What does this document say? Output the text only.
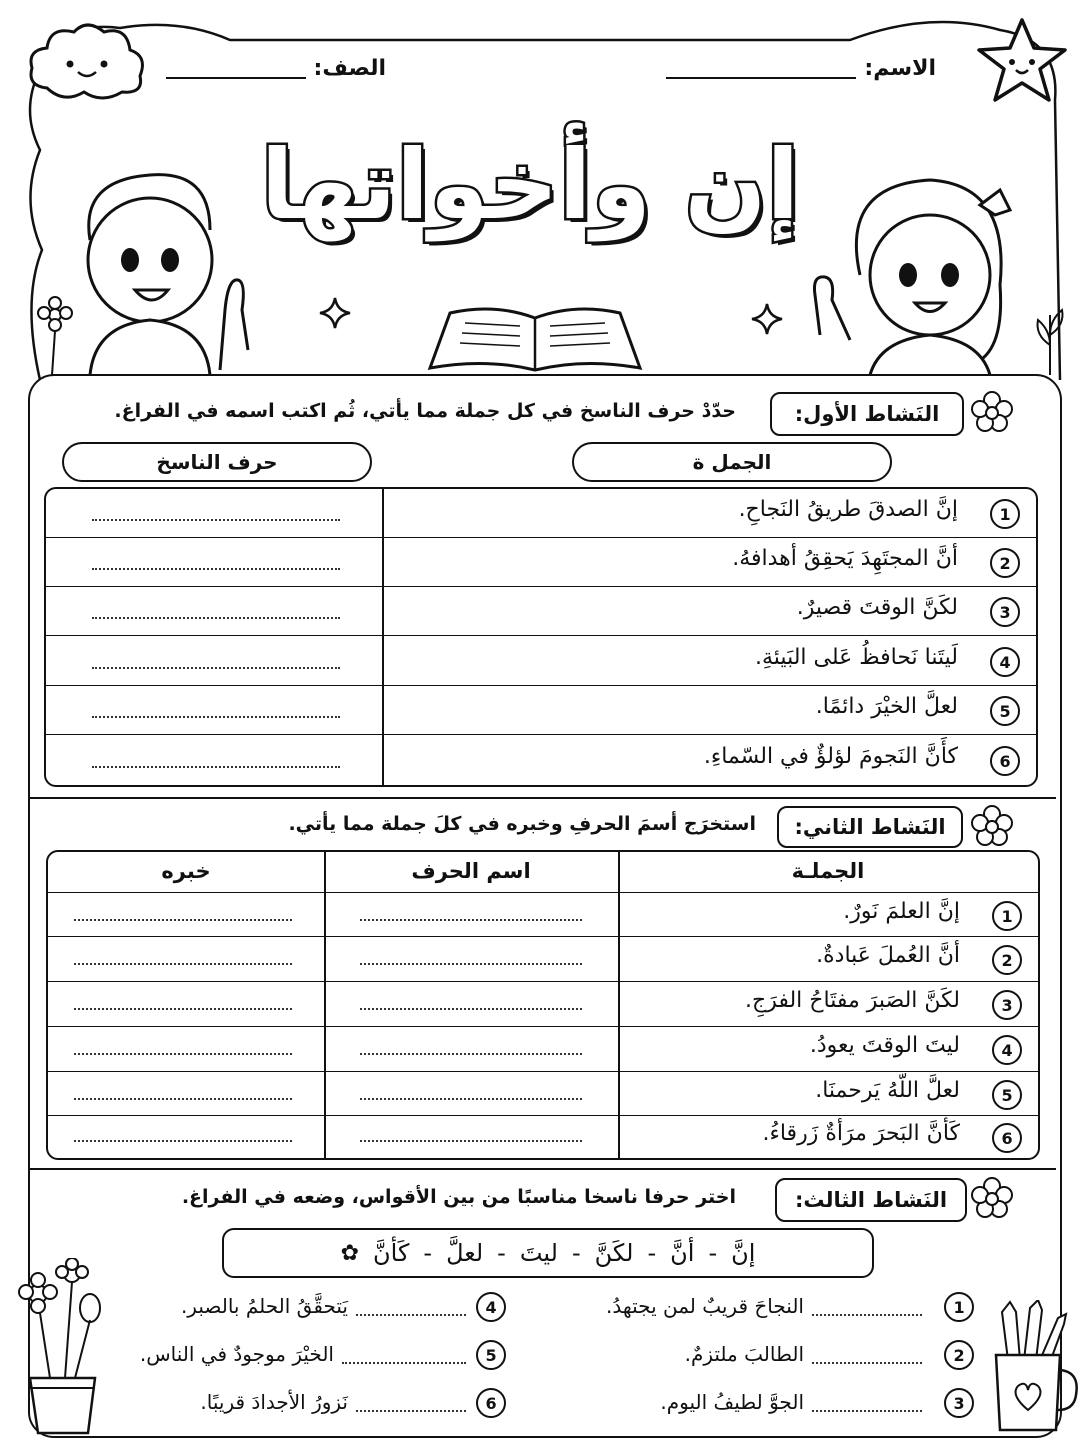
الاسم:
الصف:
إن وأخواتها
النَشاط الأول:
حدّدْ حرف الناسخ في كل جملة مما يأتي، ثُم اكتب اسمه في الفراغ.
الجمل ة
حرف الناسخ
1
إنَّ الصدقَ طريقُ النَجاحِ.
2
أنَّ المجتَهِدَ يَحقِقُ أهدافهُ.
3
لكَنَّ الوقتَ قصيرٌ.
4
لَيتَنا نَحافظُ عَلى البَيئةِ.
5
لعلَّ الخيْرَ دائمًا.
6
كأَنَّ النَجومَ لؤلؤٌ في السّماءِ.
النَشاط الثاني:
استخرَج أسمَ الحرفِ وخبره في كلَ جملة مما يأتي.
الجملـة
اسم الحرف
خبره
1
إنَّ العلمَ نَورٌ.
2
أنَّ العُملَ عَبادةٌ.
3
لكَنَّ الصَبرَ مفتَاحُ الفرَجِ.
4
ليتَ الوقتَ يعودُ.
5
لعلَّ اللّهُ يَرحمنَا.
6
كَأنَّ البَحرَ مرَأةٌ زَرقاءُ.
النَشاط الثالث:
اختر حرفا ناسخا مناسبًا من بين الأقواس، وضعه في الفراغ.
إنَّ
-
أنَّ
-
لكَنَّ
-
ليتَ
-
لعلَّ
-
كَأنَّ
✿
1
النجاحَ قريبٌ لمن يجتهدُ.
2
الطالبَ ملتزمٌ.
3
الجوَّ لطيفُ اليوم.
4
يَتحقَّقُ الحلمُ بالصبر.
5
الخيْرَ موجودٌ في الناس.
6
نَزورُ الأجدادَ قريبًا.
